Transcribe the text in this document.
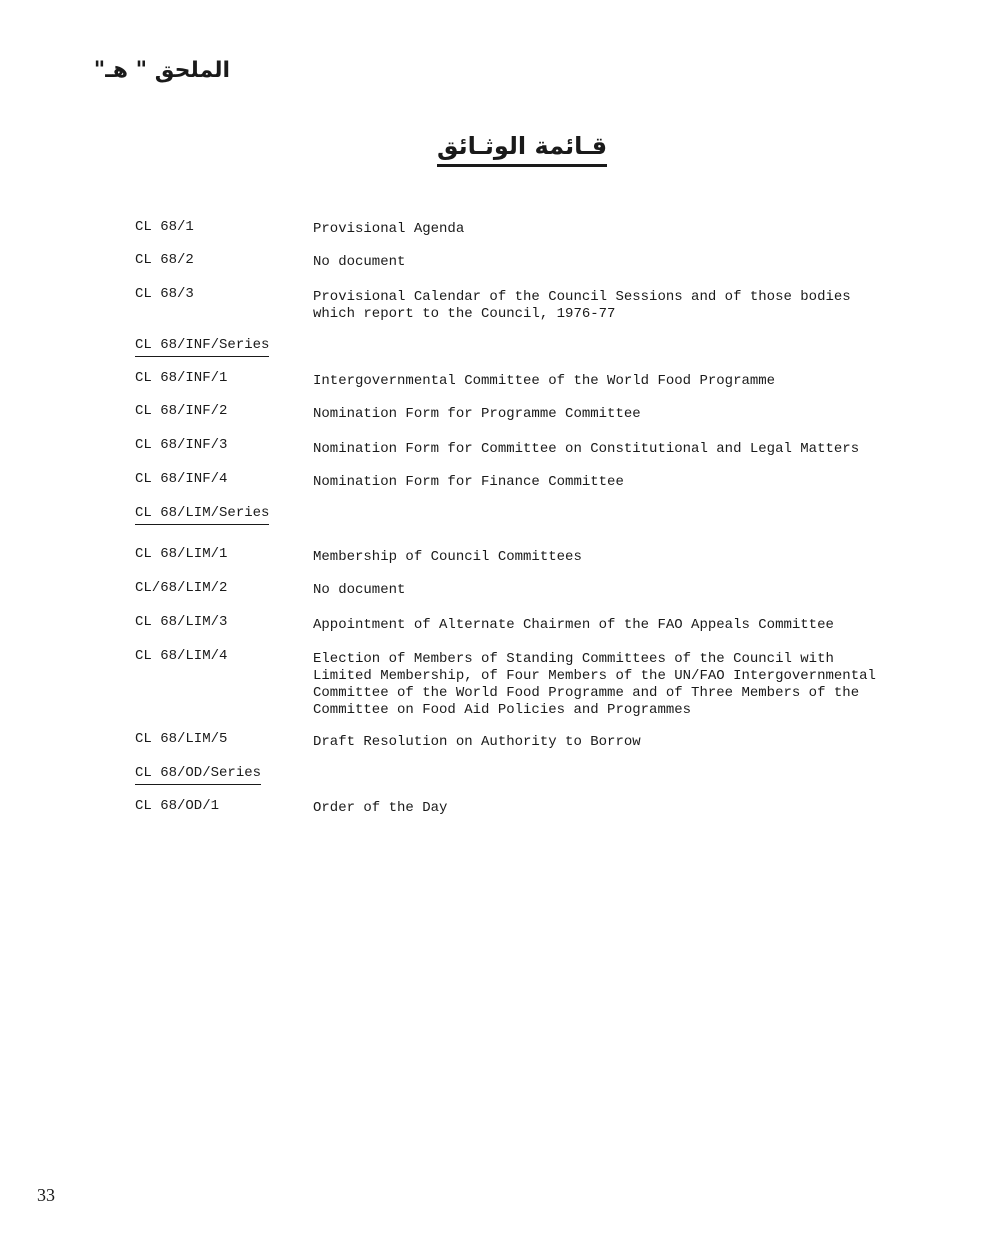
الملحق " هـ"
قـائمة الوثـائق
CL 68/1	Provisional Agenda
CL 68/2	No document
CL 68/3	Provisional Calendar of the Council Sessions and of those bodies
which report to the Council, 1976-77
CL 68/INF/Series
CL 68/INF/1	Intergovernmental Committee of the World Food Programme
CL 68/INF/2	Nomination Form for Programme Committee
CL 68/INF/3	Nomination Form for Committee on Constitutional and Legal Matters
CL 68/INF/4	Nomination Form for Finance Committee
CL 68/LIM/Series
CL 68/LIM/1	Membership of Council Committees
CL/68/LIM/2	No document
CL 68/LIM/3	Appointment of Alternate Chairmen of the FAO Appeals Committee
CL 68/LIM/4	Election of Members of Standing Committees of the Council with
Limited Membership, of Four Members of the UN/FAO Intergovernmental
Committee of the World Food Programme and of Three Members of the
Committee on Food Aid Policies and Programmes
CL 68/LIM/5	Draft Resolution on Authority to Borrow
CL 68/OD/Series
CL 68/OD/1	Order of the Day
33
